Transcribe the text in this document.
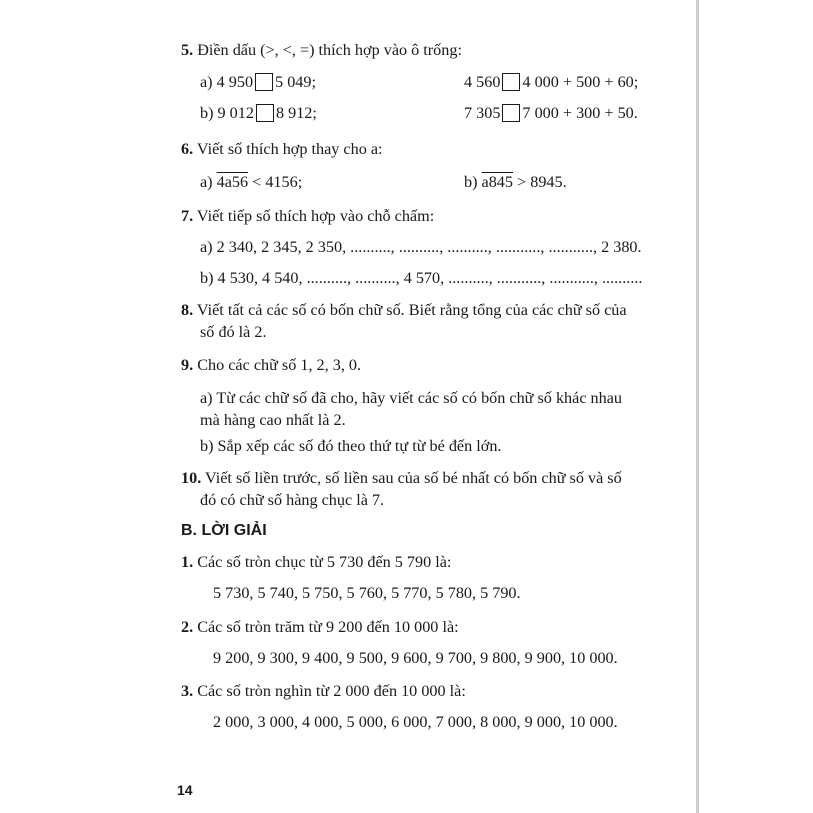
5. Điền dấu (>, <, =) thích hợp vào ô trống:
a) 4 950 5 049;	4 560 4 000 + 500 + 60;
b) 9 012 8 912;	7 305 7 000 + 300 + 50.
6. Viết số thích hợp thay cho a:
a) 4a56 < 4156;	b) a845 > 8945.
7. Viết tiếp số thích hợp vào chỗ chấm:
a) 2 340, 2 345, 2 350, .........., .........., .........., ..........., ..........., 2 380.
b) 4 530, 4 540, .........., .........., 4 570, .........., ..........., ..........., ..........
8. Viết tất cả các số có bốn chữ số. Biết rằng tổng của các chữ số của
số đó là 2.
9. Cho các chữ số 1, 2, 3, 0.
a) Từ các chữ số đã cho, hãy viết các số có bốn chữ số khác nhau
mà hàng cao nhất là 2.
b) Sắp xếp các số đó theo thứ tự từ bé đến lớn.
10. Viết số liền trước, số liền sau của số bé nhất có bốn chữ số và số
đó có chữ số hàng chục là 7.
B. LỜI GIẢI
1. Các số tròn chục từ 5 730 đến 5 790 là:
5 730, 5 740, 5 750, 5 760, 5 770, 5 780, 5 790.
2. Các số tròn trăm từ 9 200 đến 10 000 là:
9 200, 9 300, 9 400, 9 500, 9 600, 9 700, 9 800, 9 900, 10 000.
3. Các số tròn nghìn từ 2 000 đến 10 000 là:
2 000, 3 000, 4 000, 5 000, 6 000, 7 000, 8 000, 9 000, 10 000.
14
